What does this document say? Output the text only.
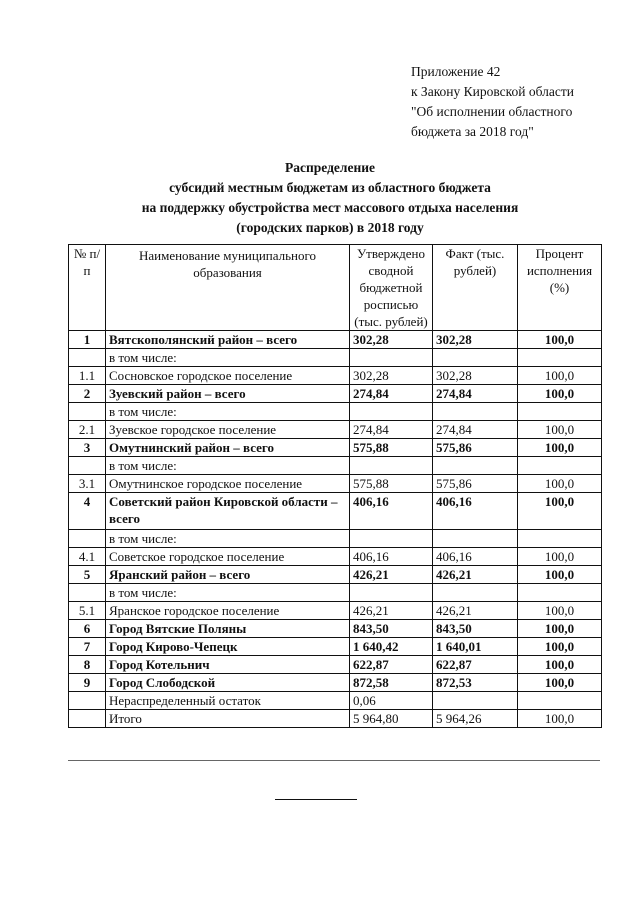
Приложение 42
к Закону Кировской области
"Об исполнении областного
бюджета за 2018 год"
Распределение
субсидий местным бюджетам из областного бюджета
на поддержку обустройства мест массового отдыха населения
(городских парков) в 2018 году
№ п/п	Наименование муниципального образования	Утверждено сводной бюджетной росписью (тыс. рублей)	Факт (тыс. рублей)	Процент исполнения (%)
1	Вятскополянский район – всего	302,28	302,28	100,0
	в том числе:			
1.1	Сосновское городское поселение	302,28	302,28	100,0
2	Зуевский район – всего	274,84	274,84	100,0
	в том числе:			
2.1	Зуевское городское поселение	274,84	274,84	100,0
3	Омутнинский район – всего	575,88	575,86	100,0
	в том числе:			
3.1	Омутнинское городское поселение	575,88	575,86	100,0
4	Советский район Кировской области – всего	406,16	406,16	100,0
	в том числе:			
4.1	Советское городское поселение	406,16	406,16	100,0
5	Яранский район – всего	426,21	426,21	100,0
	в том числе:			
5.1	Яранское городское поселение	426,21	426,21	100,0
6	Город Вятские Поляны	843,50	843,50	100,0
7	Город Кирово-Чепецк	1 640,42	1 640,01	100,0
8	Город Котельнич	622,87	622,87	100,0
9	Город Слободской	872,58	872,53	100,0
	Нераспределенный остаток	0,06		
	Итого	5 964,80	5 964,26	100,0
